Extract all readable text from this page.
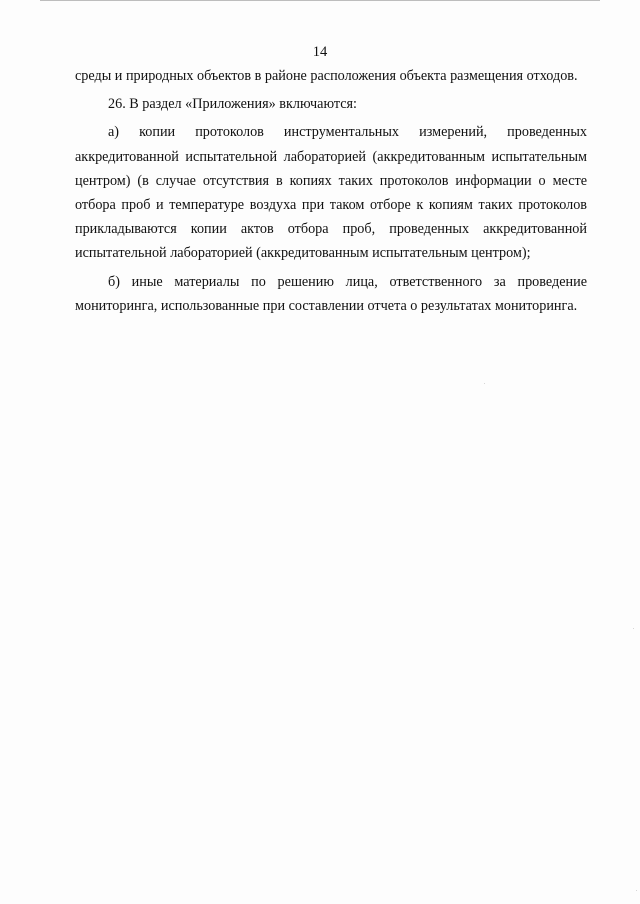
14

среды и природных объектов в районе расположения объекта размещения отходов.

26. В раздел «Приложения» включаются:

а) копии протоколов инструментальных измерений, проведенных аккредитованной испытательной лабораторией (аккредитованным испытательным центром) (в случае отсутствия в копиях таких протоколов информации о месте отбора проб и температуре воздуха при таком отборе к копиям таких протоколов прикладываются копии актов отбора проб, проведенных аккредитованной испытательной лабораторией (аккредитованным испытательным центром);

б) иные материалы по решению лица, ответственного за проведение мониторинга, использованные при составлении отчета о результатах мониторинга.
